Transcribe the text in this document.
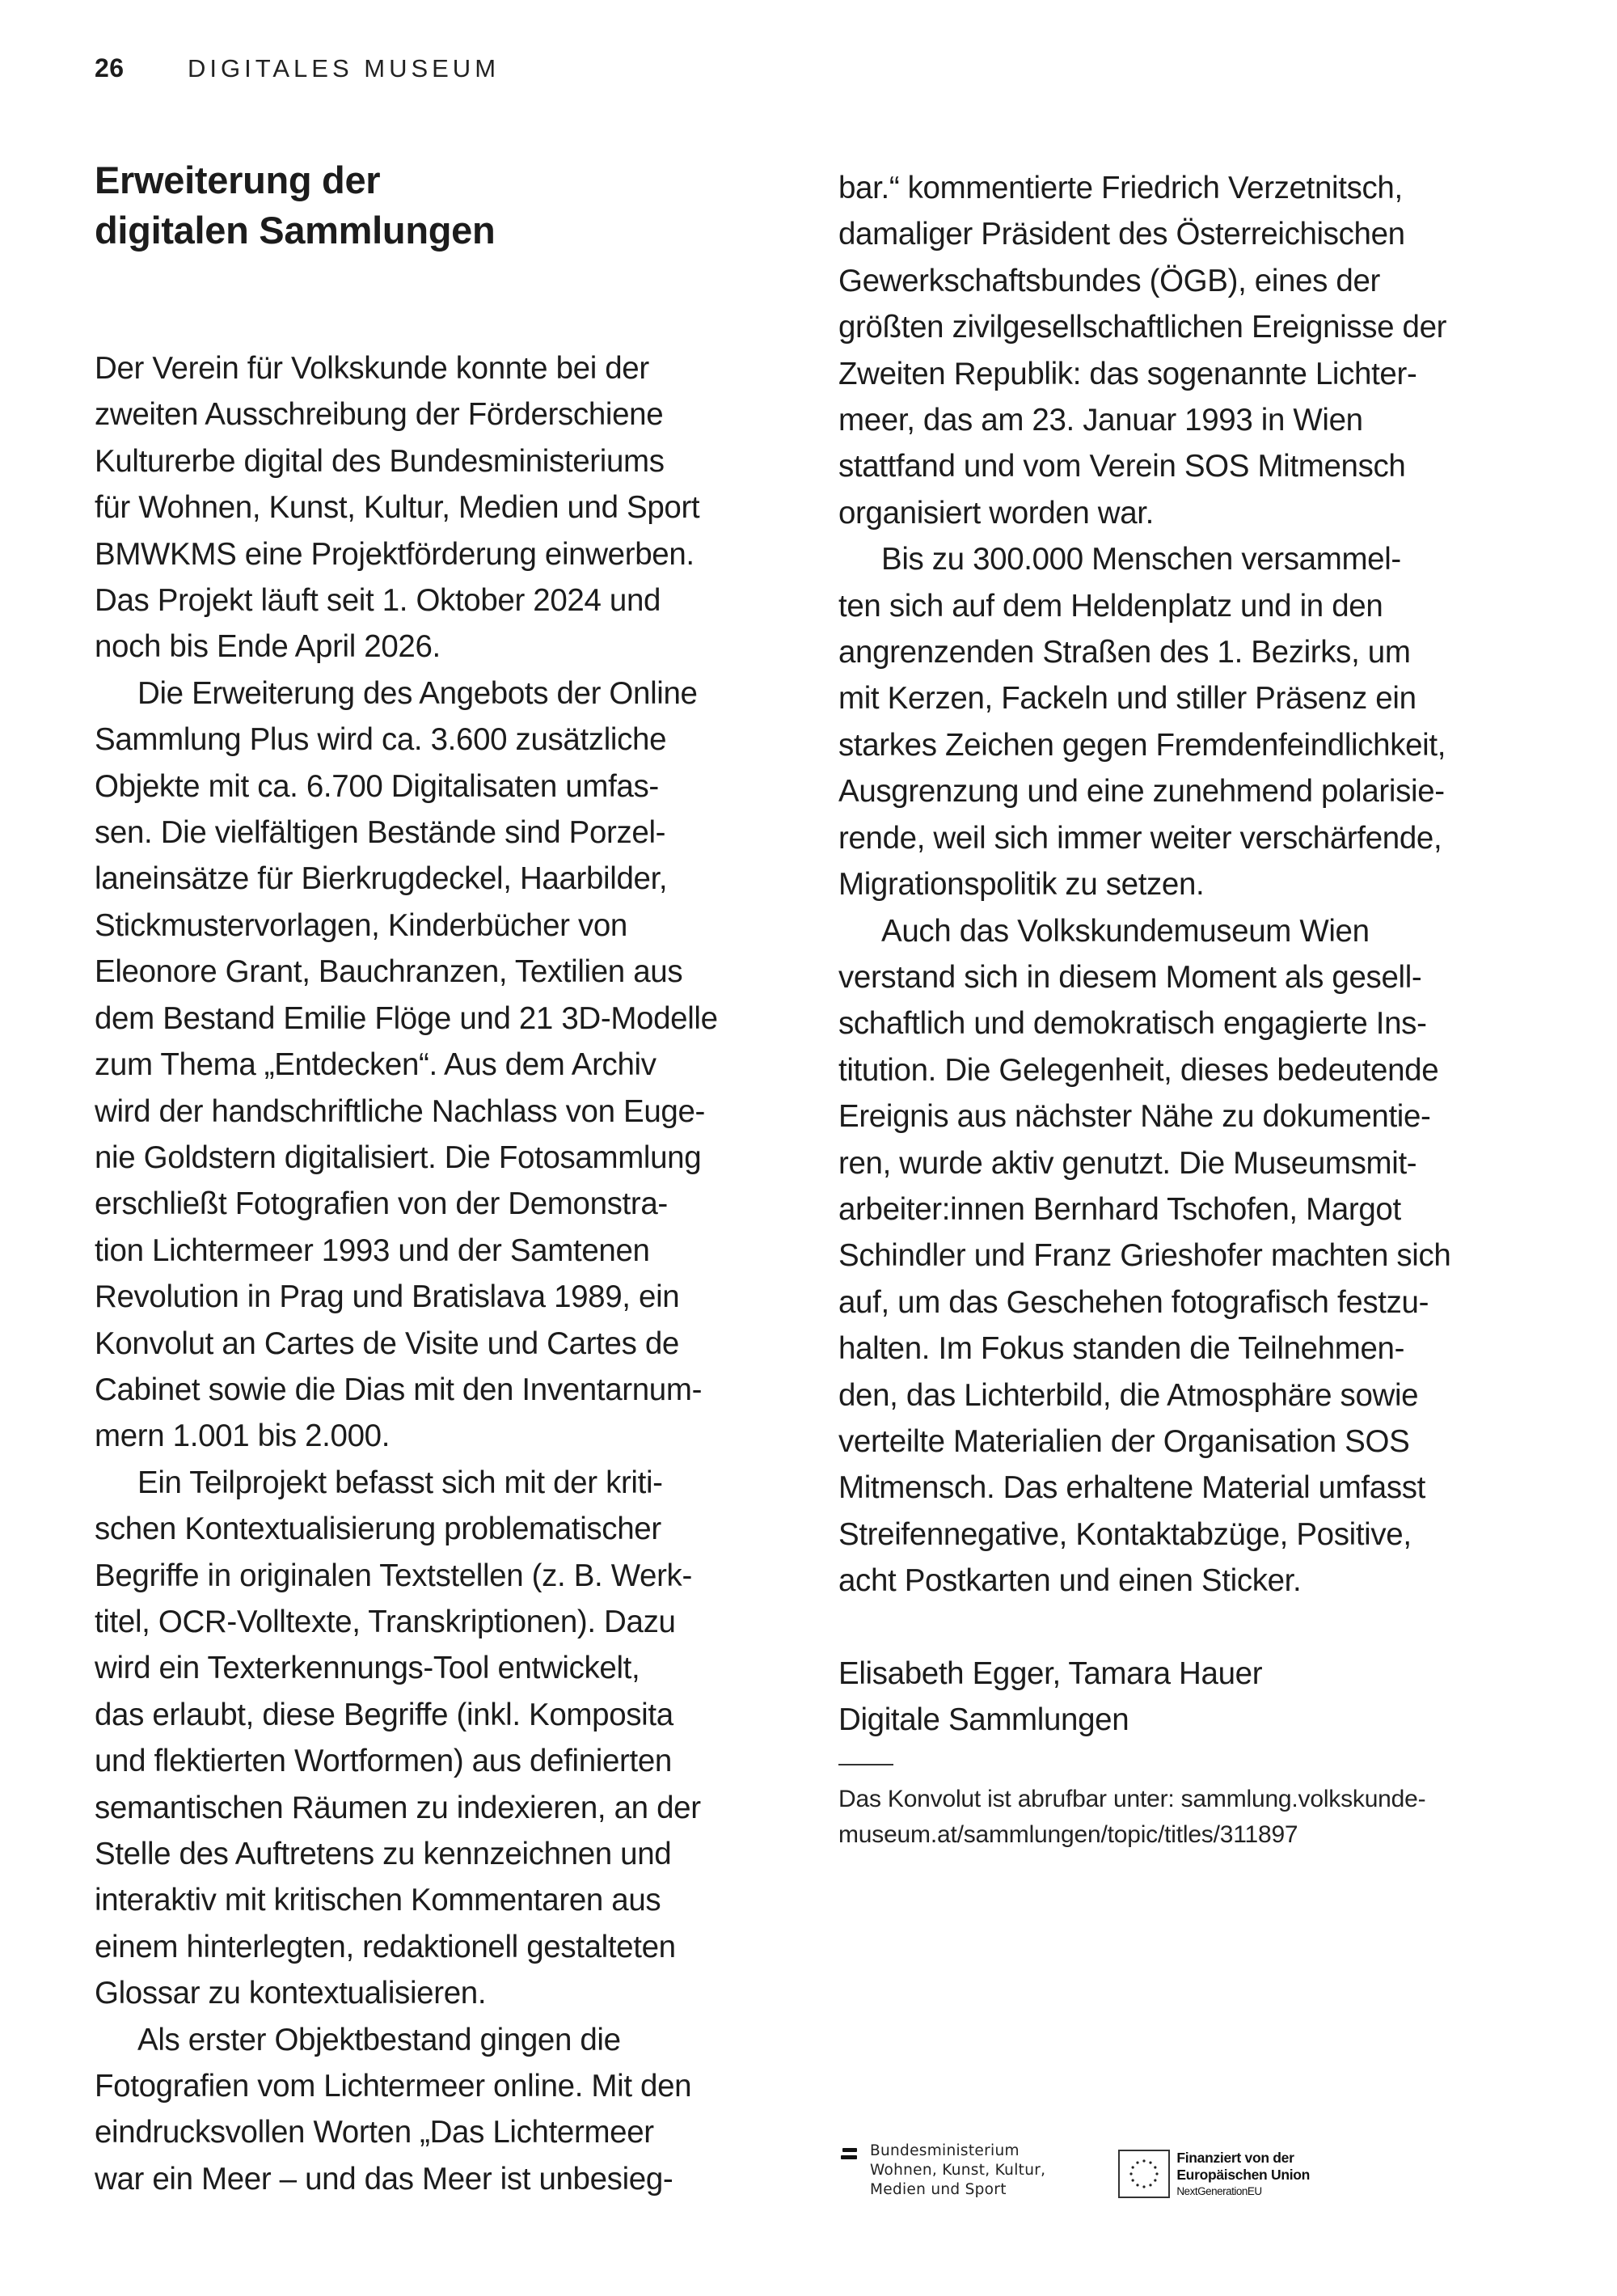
26	DIGITALES MUSEUM
Erweiterung der
digitalen Sammlungen
Der Verein für Volkskunde konnte bei der
zweiten Ausschreibung der Förderschiene
Kulturerbe digital des Bundesministeriums
für Wohnen, Kunst, Kultur, Medien und Sport
BMWKMS eine Projektförderung einwerben.
Das Projekt läuft seit 1. Oktober 2024 und
noch bis Ende April 2026.
Die Erweiterung des Angebots der Online
Sammlung Plus wird ca. 3.600 zusätzliche
Objekte mit ca. 6.700 Digitalisaten umfas-
sen. Die vielfältigen Bestände sind Porzel-
laneinsätze für Bierkrugdeckel, Haarbilder,
Stickmustervorlagen, Kinderbücher von
Eleonore Grant, Bauchranzen, Textilien aus
dem Bestand Emilie Flöge und 21 3D-Modelle
zum Thema „Entdecken“. Aus dem Archiv
wird der handschriftliche Nachlass von Euge-
nie Goldstern digitalisiert. Die Fotosammlung
erschließt Fotografien von der Demonstra-
tion Lichtermeer 1993 und der Samtenen
Revolution in Prag und Bratislava 1989, ein
Konvolut an Cartes de Visite und Cartes de
Cabinet sowie die Dias mit den Inventarnum-
mern 1.001 bis 2.000.
Ein Teilprojekt befasst sich mit der kriti-
schen Kontextualisierung problematischer
Begriffe in originalen Textstellen (z. B. Werk-
titel, OCR-Volltexte, Transkriptionen). Dazu
wird ein Texterkennungs-Tool entwickelt,
das erlaubt, diese Begriffe (inkl. Komposita
und flektierten Wortformen) aus definierten
semantischen Räumen zu indexieren, an der
Stelle des Auftretens zu kennzeichnen und
interaktiv mit kritischen Kommentaren aus
einem hinterlegten, redaktionell gestalteten
Glossar zu kontextualisieren.
Als erster Objektbestand gingen die
Fotografien vom Lichtermeer online. Mit den
eindrucksvollen Worten „Das Lichtermeer
war ein Meer – und das Meer ist unbesieg-
bar.“ kommentierte Friedrich Verzetnitsch,
damaliger Präsident des Österreichischen
Gewerkschaftsbundes (ÖGB), eines der
größten zivilgesellschaftlichen Ereignisse der
Zweiten Republik: das sogenannte Lichter-
meer, das am 23. Januar 1993 in Wien
stattfand und vom Verein SOS Mitmensch
organisiert worden war.
Bis zu 300.000 Menschen versammel-
ten sich auf dem Heldenplatz und in den
angrenzenden Straßen des 1. Bezirks, um
mit Kerzen, Fackeln und stiller Präsenz ein
starkes Zeichen gegen Fremdenfeindlichkeit,
Ausgrenzung und eine zunehmend polarisie-
rende, weil sich immer weiter verschärfende,
Migrationspolitik zu setzen.
Auch das Volkskundemuseum Wien
verstand sich in diesem Moment als gesell-
schaftlich und demokratisch engagierte Ins-
titution. Die Gelegenheit, dieses bedeutende
Ereignis aus nächster Nähe zu dokumentie-
ren, wurde aktiv genutzt. Die Museumsmit-
arbeiter:innen Bernhard Tschofen, Margot
Schindler und Franz Grieshofer machten sich
auf, um das Geschehen fotografisch festzu-
halten. Im Fokus standen die Teilnehmen-
den, das Lichterbild, die Atmosphäre sowie
verteilte Materialien der Organisation SOS
Mitmensch. Das erhaltene Material umfasst
Streifennegative, Kontaktabzüge, Positive,
acht Postkarten und einen Sticker.
Elisabeth Egger, Tamara Hauer
Digitale Sammlungen
Das Konvolut ist abrufbar unter: sammlung.volkskunde-
museum.at/sammlungen/topic/titles/311897
Bundesministerium
Wohnen, Kunst, Kultur,
Medien und Sport
Finanziert von der
Europäischen Union
NextGenerationEU
